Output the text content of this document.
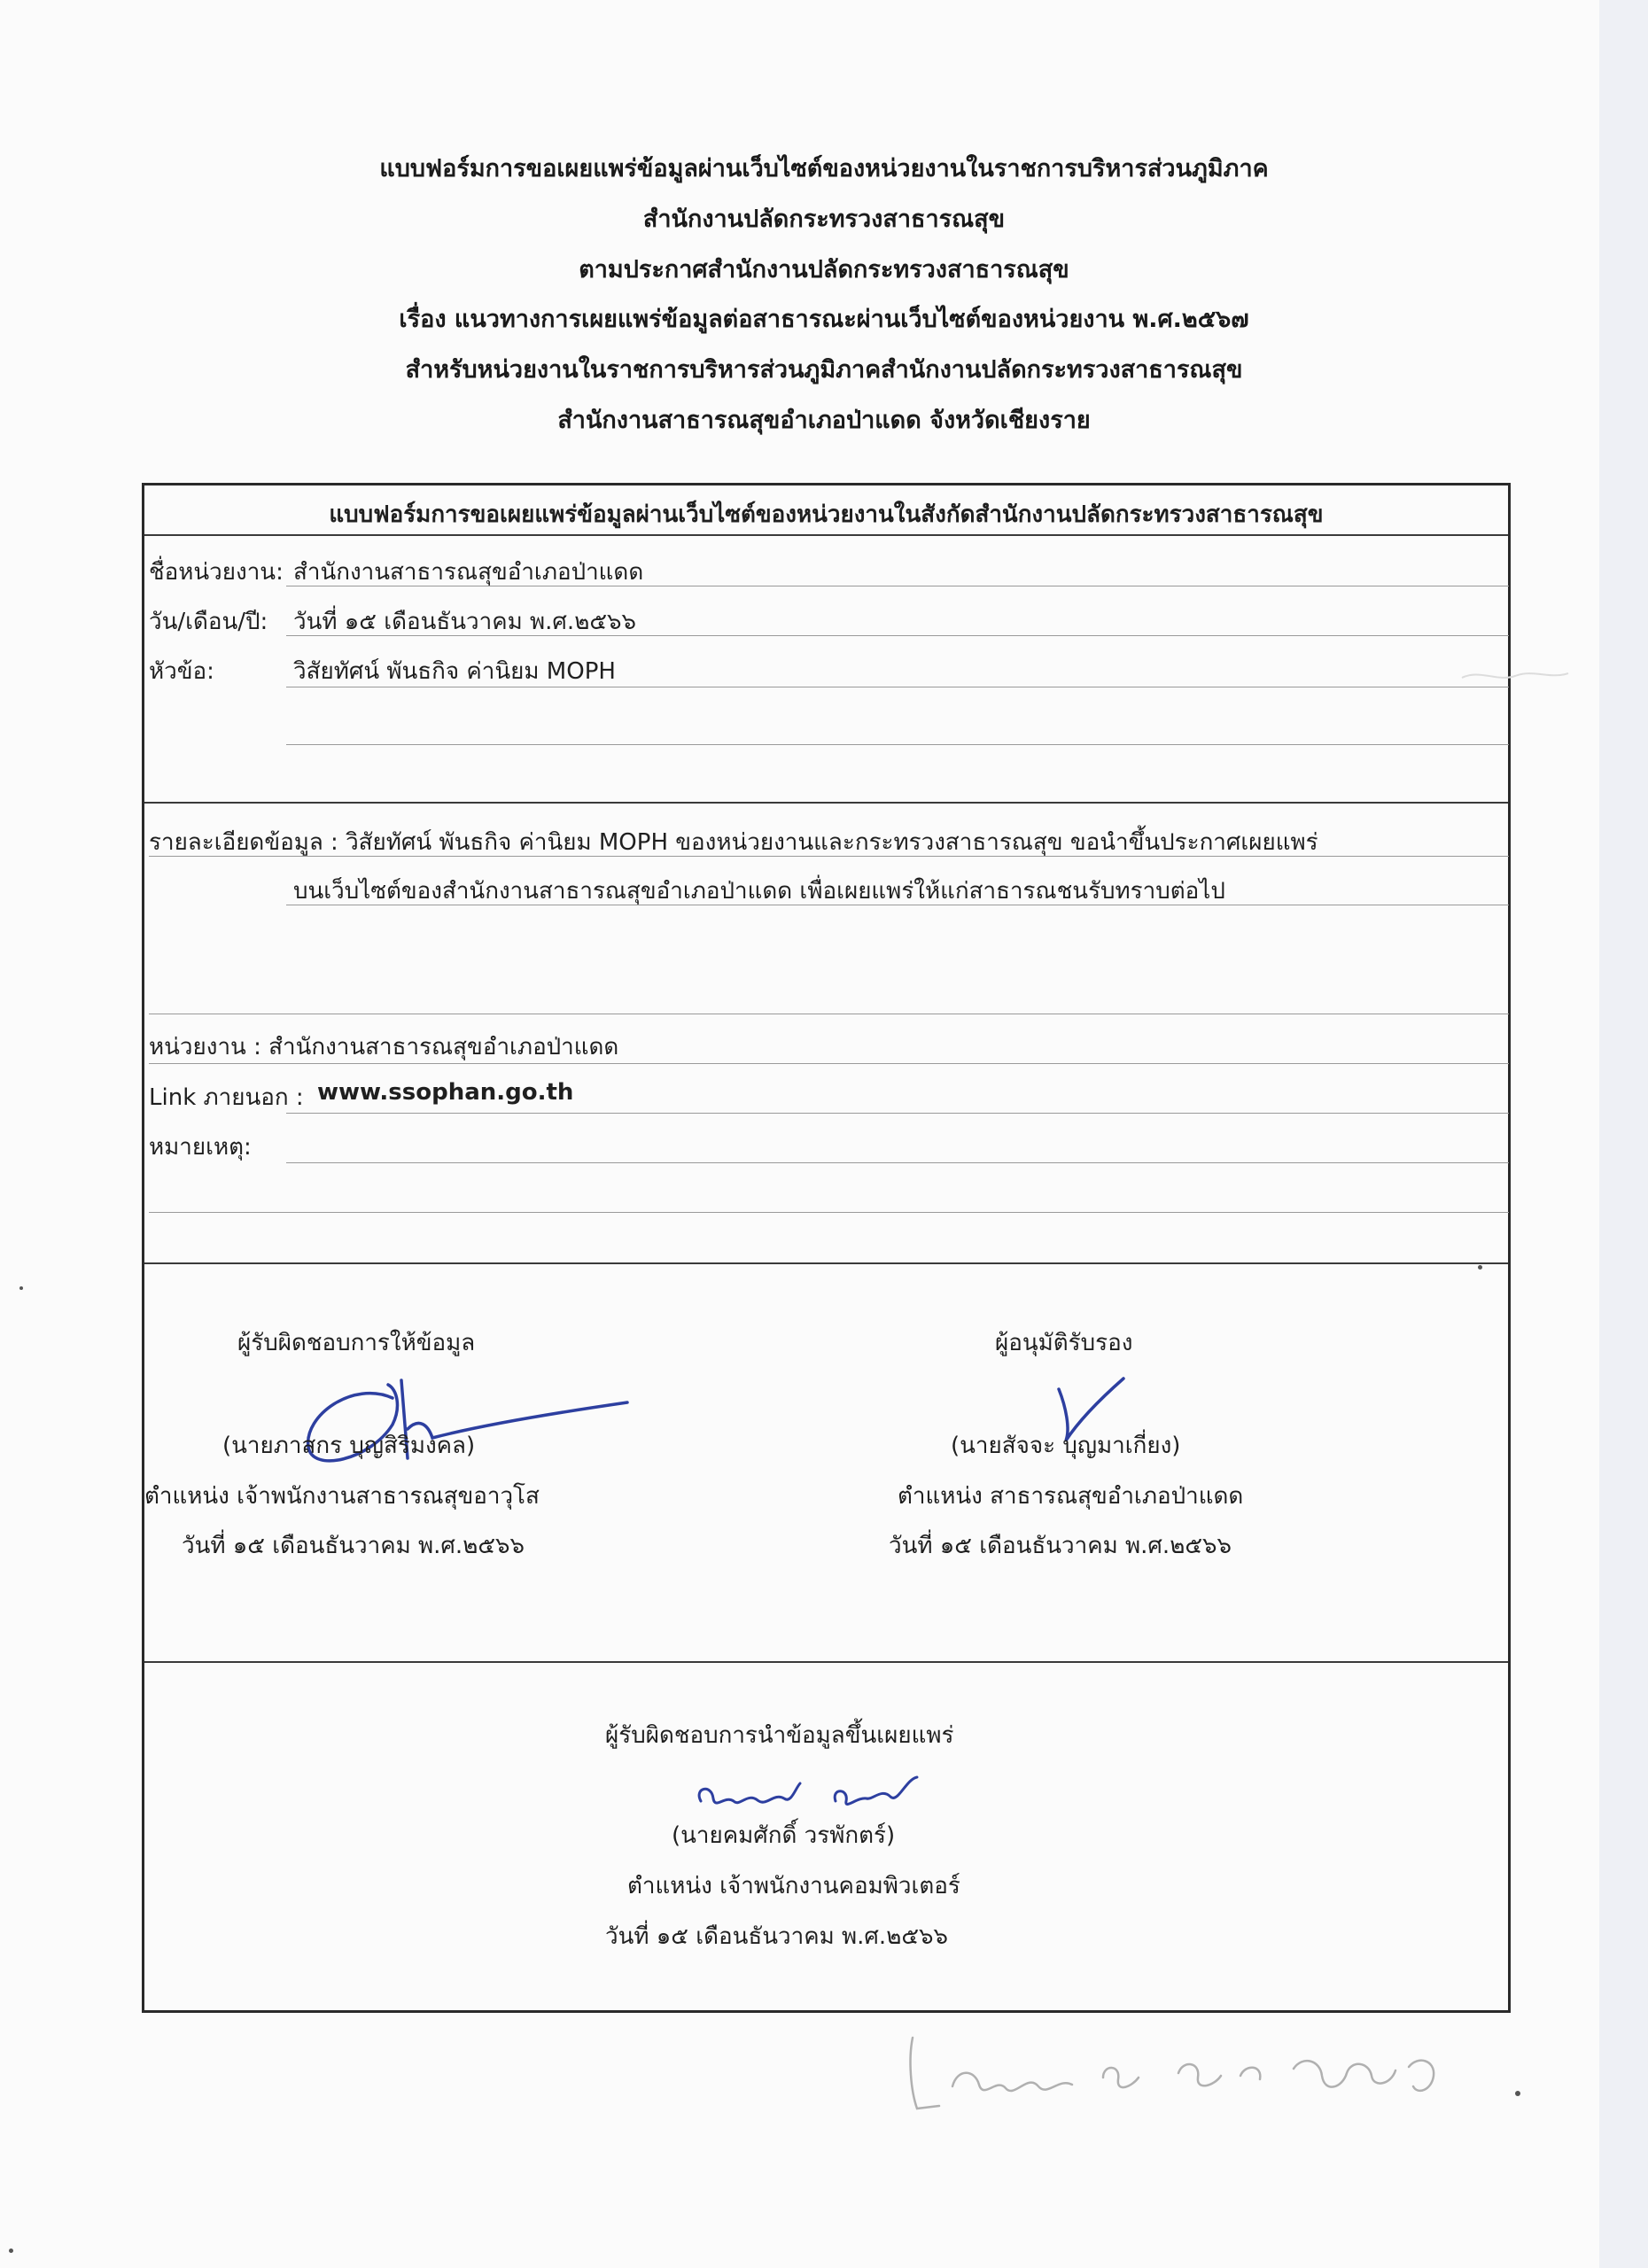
แบบฟอร์มการขอเผยแพร่ข้อมูลผ่านเว็บไซต์ของหน่วยงานในราชการบริหารส่วนภูมิภาค
สำนักงานปลัดกระทรวงสาธารณสุข
ตามประกาศสำนักงานปลัดกระทรวงสาธารณสุข
เรื่อง แนวทางการเผยแพร่ข้อมูลต่อสาธารณะผ่านเว็บไซต์ของหน่วยงาน พ.ศ.๒๕๖๗
สำหรับหน่วยงานในราชการบริหารส่วนภูมิภาคสำนักงานปลัดกระทรวงสาธารณสุข
สำนักงานสาธารณสุขอำเภอป่าแดด จังหวัดเชียงราย
แบบฟอร์มการขอเผยแพร่ข้อมูลผ่านเว็บไซต์ของหน่วยงานในสังกัดสำนักงานปลัดกระทรวงสาธารณสุข
ชื่อหน่วยงาน: สำนักงานสาธารณสุขอำเภอป่าแดด
วัน/เดือน/ปี: วันที่ ๑๕ เดือนธันวาคม พ.ศ.๒๕๖๖
หัวข้อ:	วิสัยทัศน์ พันธกิจ ค่านิยม MOPH
รายละเอียดข้อมูล : วิสัยทัศน์ พันธกิจ ค่านิยม MOPH ของหน่วยงานและกระทรวงสาธารณสุข ขอนำขึ้นประกาศเผยแพร่
บนเว็บไซต์ของสำนักงานสาธารณสุขอำเภอป่าแดด เพื่อเผยแพร่ให้แก่สาธารณชนรับทราบต่อไป
หน่วยงาน : สำนักงานสาธารณสุขอำเภอป่าแดด
Link ภายนอก : www.ssophan.go.th
หมายเหตุ:
ผู้รับผิดชอบการให้ข้อมูล
(นายภาสกร บุญสิริมงคล)
ตำแหน่ง เจ้าพนักงานสาธารณสุขอาวุโส
วันที่ ๑๕ เดือนธันวาคม พ.ศ.๒๕๖๖
ผู้อนุมัติรับรอง
(นายสัจจะ บุญมาเกี่ยง)
ตำแหน่ง สาธารณสุขอำเภอป่าแดด
วันที่ ๑๕ เดือนธันวาคม พ.ศ.๒๕๖๖
ผู้รับผิดชอบการนำข้อมูลขึ้นเผยแพร่
(นายคมศักดิ์ วรพักตร์)
ตำแหน่ง เจ้าพนักงานคอมพิวเตอร์
วันที่ ๑๕ เดือนธันวาคม พ.ศ.๒๕๖๖
